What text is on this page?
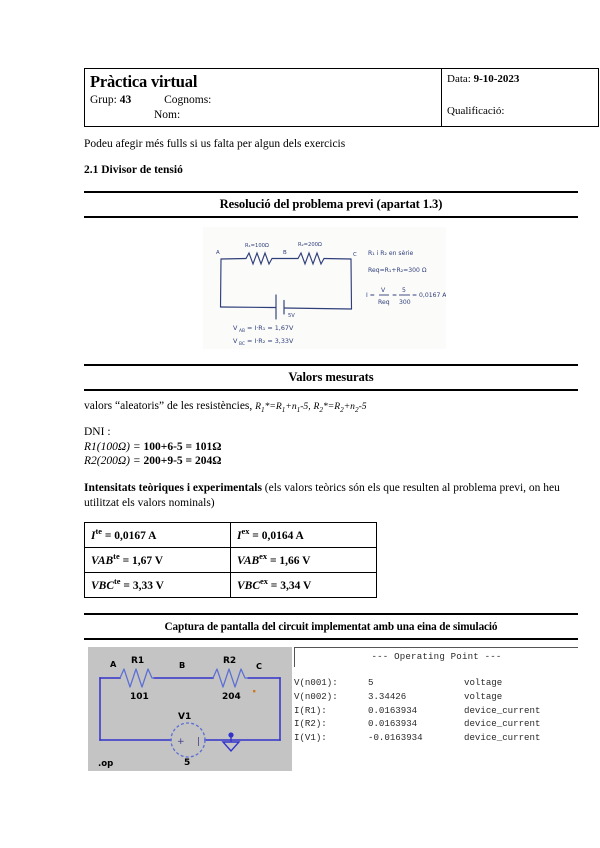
Pràctica virtual
Grup: 43	Cognoms:
Nom:

Data: 9-10-2023
Qualificació:
Podeu afegir més fulls si us falta per algun dels exercicis
2.1 Divisor de tensió
Resolució del problema previ (apartat 1.3)
A	B	C
R₁=100Ω	R₂=200Ω
5V
R₁ i R₂ en sèrie
Req=R₁+R₂=300 Ω
I =
V
Req
=
5
300
= 0,0167 A
V AB = I·R₁ = 1,67V
V BC = I·R₂ = 3,33V
Valors mesurats
valors “aleatoris” de les resistències, $R_1*=R_1+n_1-5$, $R_2*=R_2+n_2-5$
DNI :
R1(100Ω) = 100+6-5 = 101Ω
R2(200Ω) = 200+9-5 = 204Ω
Intensitats teòriques i experimentals (els valors teòrics són els que resulten al problema previ, on heu utilitzat els valors nominals)
$I^{te} = 0,0167$ A	$I^{ex} = 0,0164$ A
$VAB^{te} = 1,67$ V	$VAB^{ex} = 1,66$ V
$VBC^{te} = 3,33$ V	$VBC^{ex} = 3,34$ V
Captura de pantalla del circuit implementat amb una eina de simulació
A	B	C
R1
101
R2
204
V1
5
.op
+ |
--- Operating Point ---
V(n001):	5	voltage
V(n002):	3.34426	voltage
I(R1):	0.0163934	device_current
I(R2):	0.0163934	device_current
I(V1):	-0.0163934	device_current
